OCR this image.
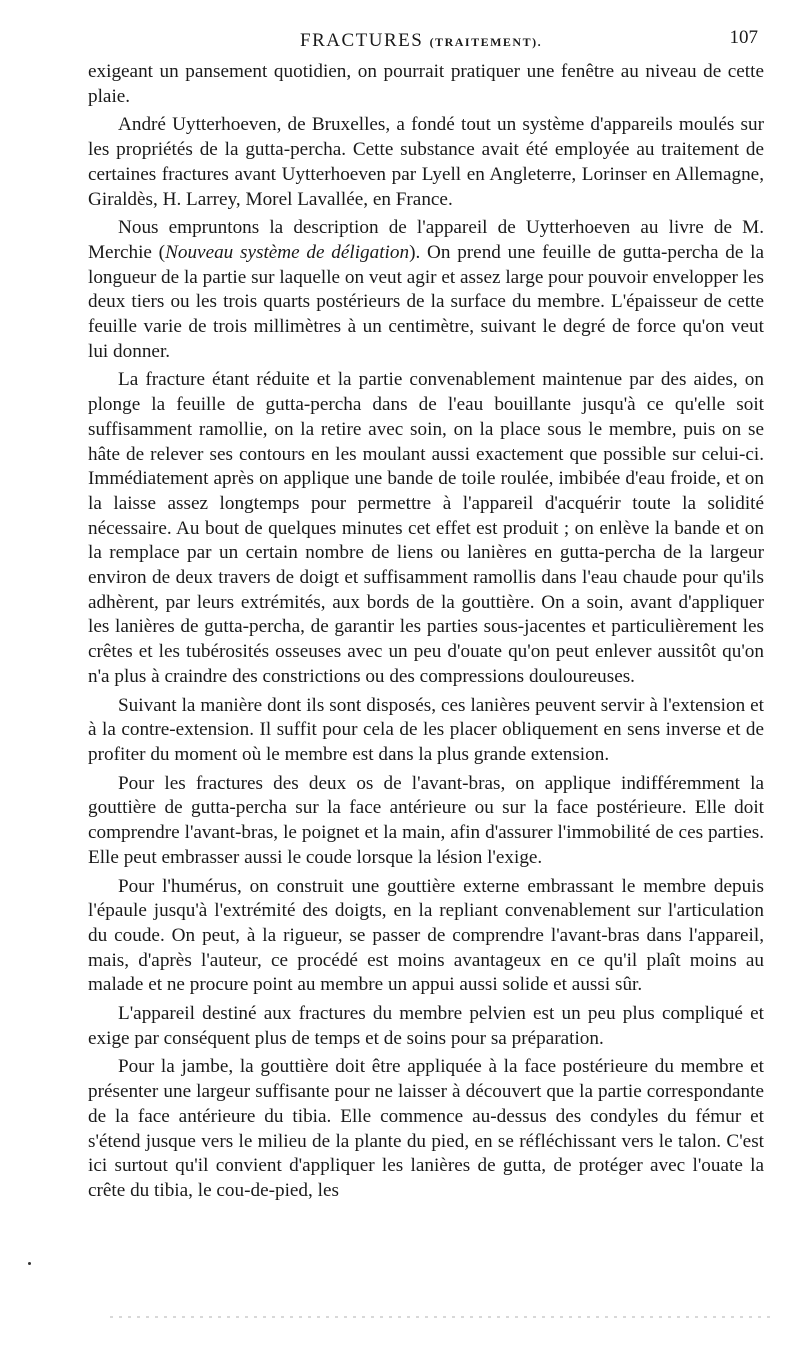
FRACTURES (TRAITEMENT).	107

exigeant un pansement quotidien, on pourrait pratiquer une fenêtre au niveau de cette plaie.

André Uytterhoeven, de Bruxelles, a fondé tout un système d'appareils moulés sur les propriétés de la gutta-percha. Cette substance avait été employée au traitement de certaines fractures avant Uytterhoeven par Lyell en Angleterre, Lorinser en Allemagne, Giraldès, H. Larrey, Morel Lavallée, en France.

Nous empruntons la description de l'appareil de Uytterhoeven au livre de M. Merchie (Nouveau système de déligation). On prend une feuille de gutta-percha de la longueur de la partie sur laquelle on veut agir et assez large pour pouvoir envelopper les deux tiers ou les trois quarts postérieurs de la surface du membre. L'épaisseur de cette feuille varie de trois millimètres à un centimètre, suivant le degré de force qu'on veut lui donner.

La fracture étant réduite et la partie convenablement maintenue par des aides, on plonge la feuille de gutta-percha dans de l'eau bouillante jusqu'à ce qu'elle soit suffisamment ramollie, on la retire avec soin, on la place sous le membre, puis on se hâte de relever ses contours en les moulant aussi exactement que possible sur celui-ci. Immédiatement après on applique une bande de toile roulée, imbibée d'eau froide, et on la laisse assez longtemps pour permettre à l'appareil d'acquérir toute la solidité nécessaire. Au bout de quelques minutes cet effet est produit ; on enlève la bande et on la remplace par un certain nombre de liens ou lanières en gutta-percha de la largeur environ de deux travers de doigt et suffisamment ramollis dans l'eau chaude pour qu'ils adhèrent, par leurs extrémités, aux bords de la gouttière. On a soin, avant d'appliquer les lanières de gutta-percha, de garantir les parties sous-jacentes et particulièrement les crêtes et les tubérosités osseuses avec un peu d'ouate qu'on peut enlever aussitôt qu'on n'a plus à craindre des constrictions ou des compressions douloureuses.

Suivant la manière dont ils sont disposés, ces lanières peuvent servir à l'extension et à la contre-extension. Il suffit pour cela de les placer obliquement en sens inverse et de profiter du moment où le membre est dans la plus grande extension.

Pour les fractures des deux os de l'avant-bras, on applique indifféremment la gouttière de gutta-percha sur la face antérieure ou sur la face postérieure. Elle doit comprendre l'avant-bras, le poignet et la main, afin d'assurer l'immobilité de ces parties. Elle peut embrasser aussi le coude lorsque la lésion l'exige.

Pour l'humérus, on construit une gouttière externe embrassant le membre depuis l'épaule jusqu'à l'extrémité des doigts, en la repliant convenablement sur l'articulation du coude. On peut, à la rigueur, se passer de comprendre l'avant-bras dans l'appareil, mais, d'après l'auteur, ce procédé est moins avantageux en ce qu'il plaît moins au malade et ne procure point au membre un appui aussi solide et aussi sûr.

L'appareil destiné aux fractures du membre pelvien est un peu plus compliqué et exige par conséquent plus de temps et de soins pour sa préparation.

Pour la jambe, la gouttière doit être appliquée à la face postérieure du membre et présenter une largeur suffisante pour ne laisser à découvert que la partie correspondante de la face antérieure du tibia. Elle commence au-dessus des condyles du fémur et s'étend jusque vers le milieu de la plante du pied, en se réfléchissant vers le talon. C'est ici surtout qu'il convient d'appliquer les lanières de gutta, de protéger avec l'ouate la crête du tibia, le cou-de-pied, les
